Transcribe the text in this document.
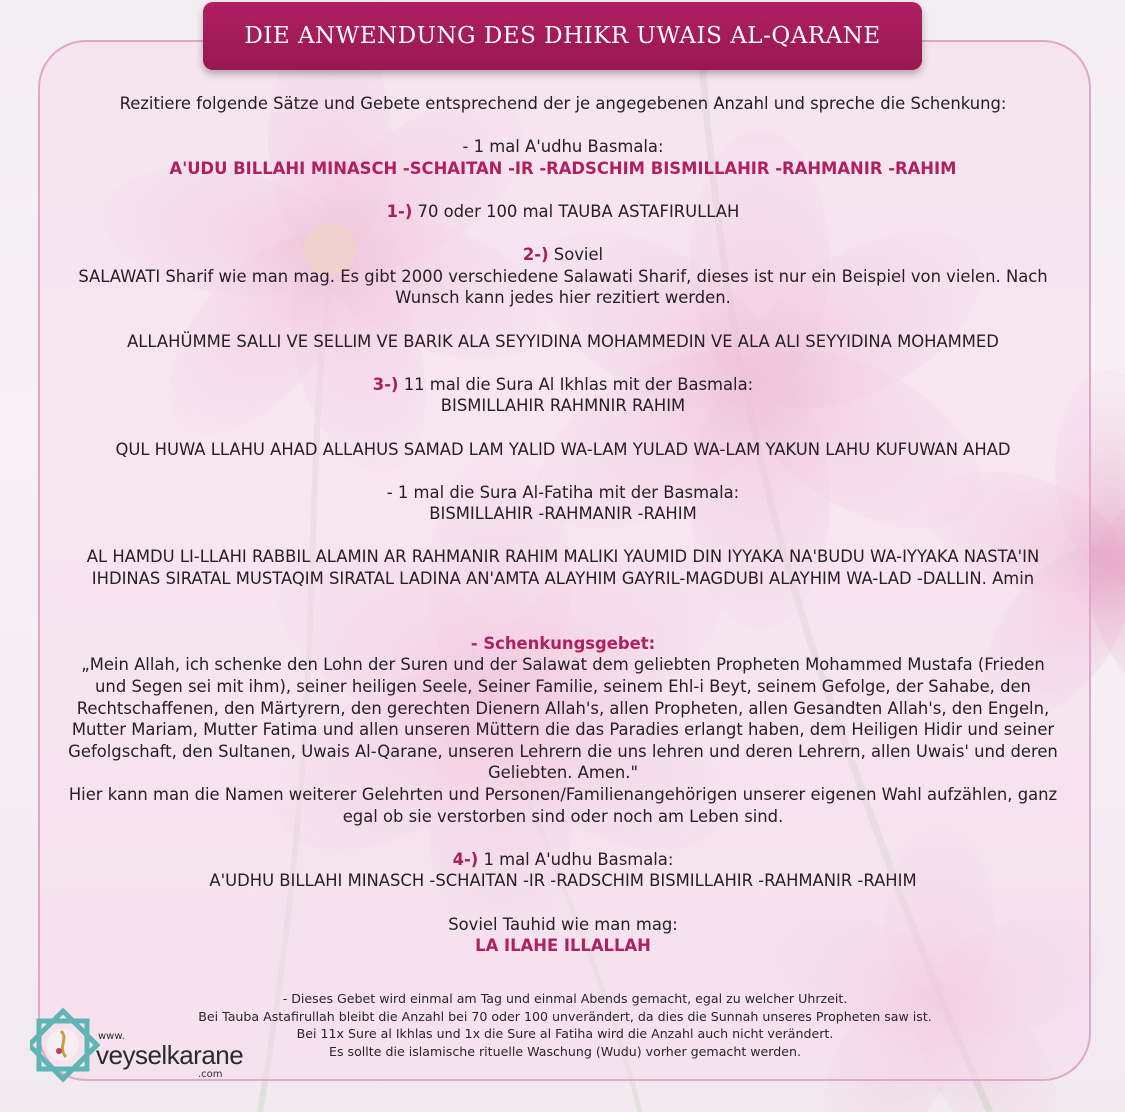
DIE ANWENDUNG DES DHIKR UWAIS AL-QARANE

Rezitiere folgende Sätze und Gebete entsprechend der je angegebenen Anzahl und spreche die Schenkung:

- 1 mal A'udhu Basmala:

A'UDU BILLAHI MINASCH -SCHAITAN -IR -RADSCHIM BISMILLAHIR -RAHMANIR -RAHIM

1-) 70 oder 100 mal TAUBA ASTAFIRULLAH

2-) Soviel

SALAWATI Sharif wie man mag. Es gibt 2000 verschiedene Salawati Sharif, dieses ist nur ein Beispiel von vielen. Nach

Wunsch kann jedes hier rezitiert werden.

ALLAHÜMME SALLI VE SELLIM VE BARIK ALA SEYYIDINA MOHAMMEDIN VE ALA ALI SEYYIDINA MOHAMMED

3-) 11 mal die Sura Al Ikhlas mit der Basmala:

BISMILLAHIR RAHMNIR RAHIM

QUL HUWA LLAHU AHAD ALLAHUS SAMAD LAM YALID WA-LAM YULAD WA-LAM YAKUN LAHU KUFUWAN AHAD

- 1 mal die Sura Al-Fatiha mit der Basmala:

BISMILLAHIR -RAHMANIR -RAHIM

AL HAMDU LI-LLAHI RABBIL ALAMIN AR RAHMANIR RAHIM MALIKI YAUMID DIN IYYAKA NA'BUDU WA-IYYAKA NASTA'IN

IHDINAS SIRATAL MUSTAQIM SIRATAL LADINA AN'AMTA ALAYHIM GAYRIL-MAGDUBI ALAYHIM WA-LAD -DALLIN. Amin

- Schenkungsgebet:

„Mein Allah, ich schenke den Lohn der Suren und der Salawat dem geliebten Propheten Mohammed Mustafa (Frieden

und Segen sei mit ihm), seiner heiligen Seele, Seiner Familie, seinem Ehl-i Beyt, seinem Gefolge, der Sahabe, den

Rechtschaffenen, den Märtyrern, den gerechten Dienern Allah's, allen Propheten, allen Gesandten Allah's, den Engeln,

Mutter Mariam, Mutter Fatima und allen unseren Müttern die das Paradies erlangt haben, dem Heiligen Hidir und seiner

Gefolgschaft, den Sultanen, Uwais Al-Qarane, unseren Lehrern die uns lehren und deren Lehrern, allen Uwais' und deren

Geliebten. Amen."

Hier kann man die Namen weiterer Gelehrten und Personen/Familienangehörigen unserer eigenen Wahl aufzählen, ganz

egal ob sie verstorben sind oder noch am Leben sind.

4-) 1 mal A'udhu Basmala:

A'UDHU BILLAHI MINASCH -SCHAITAN -IR -RADSCHIM BISMILLAHIR -RAHMANIR -RAHIM

Soviel Tauhid wie man mag:

LA ILAHE ILLALLAH

- Dieses Gebet wird einmal am Tag und einmal Abends gemacht, egal zu welcher Uhrzeit.

Bei Tauba Astafirullah bleibt die Anzahl bei 70 oder 100 unverändert, da dies die Sunnah unseres Propheten saw ist.

Bei 11x Sure al Ikhlas und 1x die Sure al Fatiha wird die Anzahl auch nicht verändert.

Es sollte die islamische rituelle Waschung (Wudu) vorher gemacht werden.

www.
veyselkarane
.com
